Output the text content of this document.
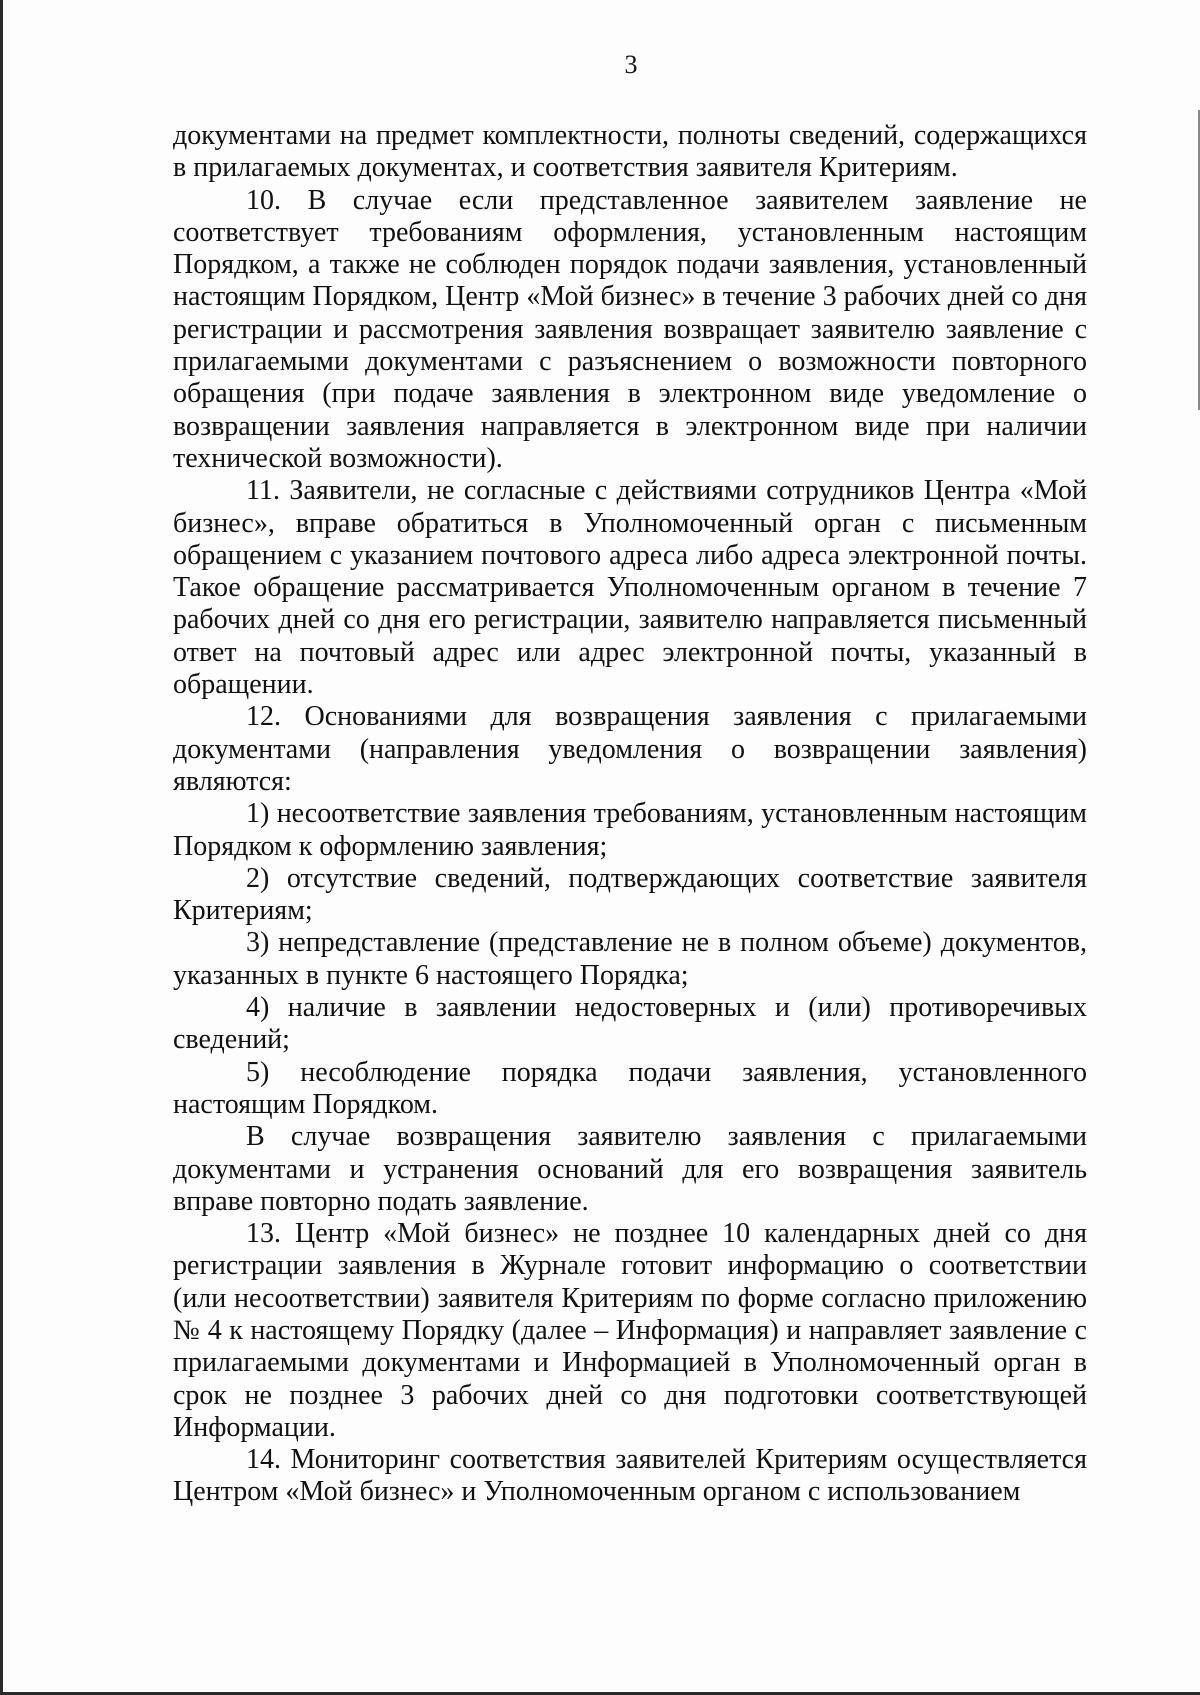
3

документами на предмет комплектности, полноты сведений, содержащихся в прилагаемых документах, и соответствия заявителя Критериям.

10. В случае если представленное заявителем заявление не соответствует требованиям оформления, установленным настоящим Порядком, а также не соблюден порядок подачи заявления, установленный настоящим Порядком, Центр «Мой бизнес» в течение 3 рабочих дней со дня регистрации и рассмотрения заявления возвращает заявителю заявление с прилагаемыми документами с разъяснением о возможности повторного обращения (при подаче заявления в электронном виде уведомление о возвращении заявления направляется в электронном виде при наличии технической возможности).

11. Заявители, не согласные с действиями сотрудников Центра «Мой бизнес», вправе обратиться в Уполномоченный орган с письменным обращением с указанием почтового адреса либо адреса электронной почты. Такое обращение рассматривается Уполномоченным органом в течение 7 рабочих дней со дня его регистрации, заявителю направляется письменный ответ на почтовый адрес или адрес электронной почты, указанный в обращении.

12. Основаниями для возвращения заявления с прилагаемыми документами (направления уведомления о возвращении заявления) являются:

1) несоответствие заявления требованиям, установленным настоящим Порядком к оформлению заявления;

2) отсутствие сведений, подтверждающих соответствие заявителя Критериям;

3) непредставление (представление не в полном объеме) документов, указанных в пункте 6 настоящего Порядка;

4) наличие в заявлении недостоверных и (или) противоречивых сведений;

5) несоблюдение порядка подачи заявления, установленного настоящим Порядком.

В случае возвращения заявителю заявления с прилагаемыми документами и устранения оснований для его возвращения заявитель вправе повторно подать заявление.

13. Центр «Мой бизнес» не позднее 10 календарных дней со дня регистрации заявления в Журнале готовит информацию о соответствии (или несоответствии) заявителя Критериям по форме согласно приложению № 4 к настоящему Порядку (далее – Информация) и направляет заявление с прилагаемыми документами и Информацией в Уполномоченный орган в срок не позднее 3 рабочих дней со дня подготовки соответствующей Информации.

14. Мониторинг соответствия заявителей Критериям осуществляется Центром «Мой бизнес» и Уполномоченным органом с использованием
